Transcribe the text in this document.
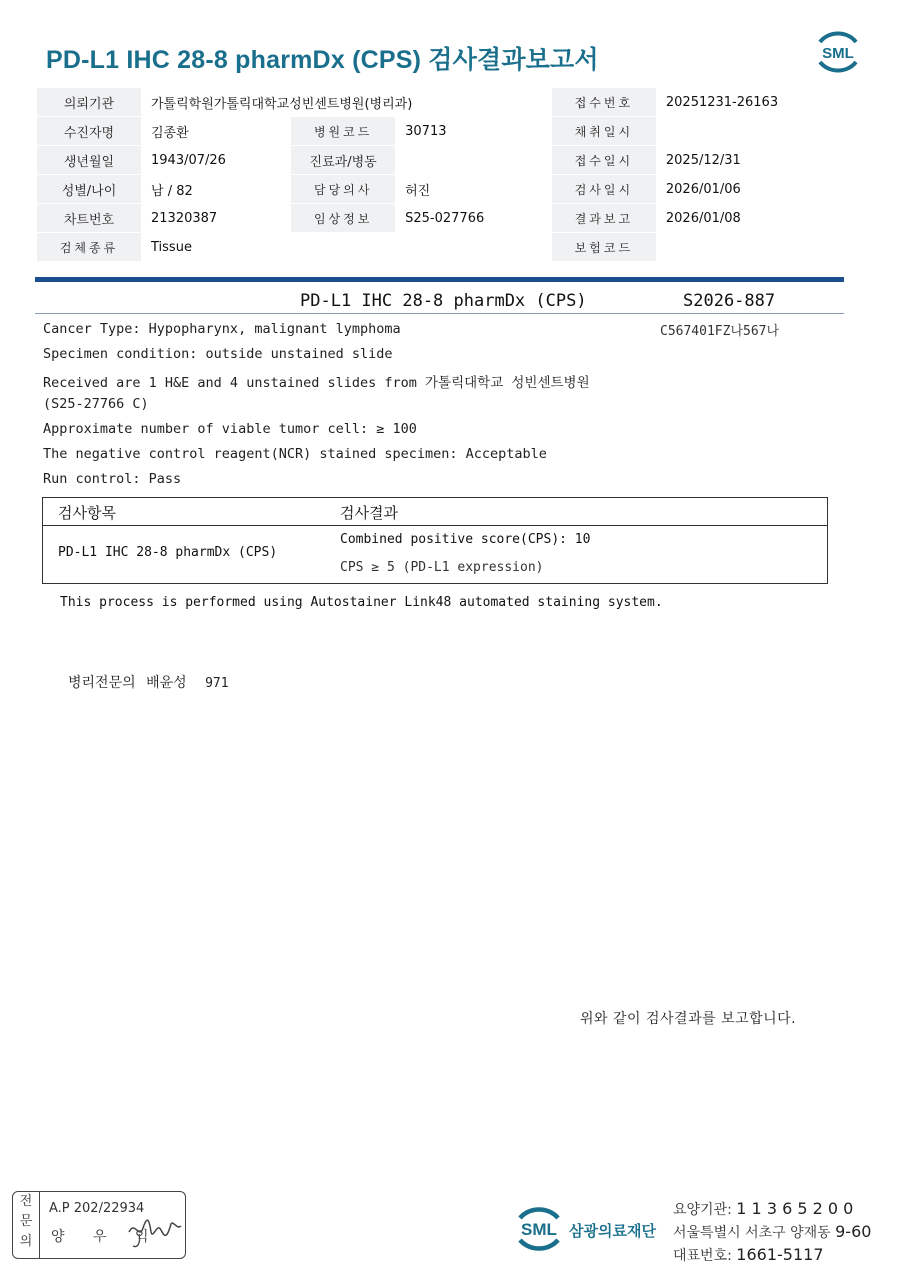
PD-L1 IHC 28-8 pharmDx (CPS) 검사결과보고서	SML
의뢰기관	가톨릭학원가톨릭대학교성빈센트병원(병리과)			접수번호	20251231-26163
수진자명	김종환	병원코드	30713	채취일시	
생년월일	1943/07/26	진료과/병동		접수일시	2025/12/31
성별/나이	남 / 82	담당의사	허진	검사일시	2026/01/06
차트번호	21320387	임상정보	S25-027766	결과보고	2026/01/08
검체종류	Tissue			보험코드	
PD-L1 IHC 28-8 pharmDx (CPS)	S2026-887
C567401FZ나567나
Cancer Type: Hypopharynx, malignant lymphoma
Specimen condition: outside unstained slide
Received are 1 H&E and 4 unstained slides from 가톨릭대학교 성빈센트병원
(S25-27766 C)
Approximate number of viable tumor cell: ≥ 100
The negative control reagent(NCR) stained specimen: Acceptable
Run control: Pass
검사항목	검사결과
PD-L1 IHC 28-8 pharmDx (CPS)
Combined positive score(CPS): 10
CPS ≥ 5 (PD-L1 expression)
This process is performed using Autostainer Link48 automated staining system.
병리전문의 배윤성 971
위와 같이 검사결과를 보고합니다.
전
문
의
A.P 202/22934
양 우 익	SML 삼광의료재단
요양기관: 1 1 3 6 5 2 0 0
서울특별시 서초구 양재동 9-60
대표번호: 1661-5117
